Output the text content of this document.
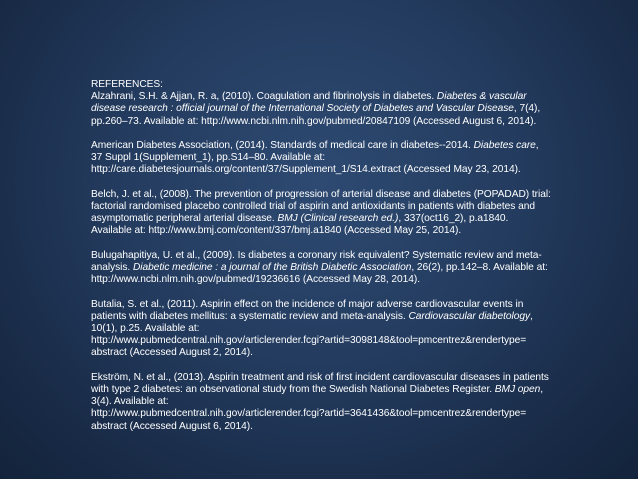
REFERENCES:

Alzahrani, S.H. & Ajjan, R. a, (2010). Coagulation and fibrinolysis in diabetes. Diabetes & vascular disease research : official journal of the International Society of Diabetes and Vascular Disease, 7(4), pp.260–73. Available at: http://www.ncbi.nlm.nih.gov/pubmed/20847109 (Accessed August 6, 2014).

American Diabetes Association, (2014). Standards of medical care in diabetes--2014. Diabetes care, 37 Suppl 1(Supplement_1), pp.S14–80. Available at: http://care.diabetesjournals.org/content/37/Supplement_1/S14.extract (Accessed May 23, 2014).

Belch, J. et al., (2008). The prevention of progression of arterial disease and diabetes (POPADAD) trial: factorial randomised placebo controlled trial of aspirin and antioxidants in patients with diabetes and asymptomatic peripheral arterial disease. BMJ (Clinical research ed.), 337(oct16_2), p.a1840. Available at: http://www.bmj.com/content/337/bmj.a1840 (Accessed May 25, 2014).

Bulugahapitiya, U. et al., (2009). Is diabetes a coronary risk equivalent? Systematic review and meta-analysis. Diabetic medicine : a journal of the British Diabetic Association, 26(2), pp.142–8. Available at: http://www.ncbi.nlm.nih.gov/pubmed/19236616 (Accessed May 28, 2014).

Butalia, S. et al., (2011). Aspirin effect on the incidence of major adverse cardiovascular events in patients with diabetes mellitus: a systematic review and meta-analysis. Cardiovascular diabetology, 10(1), p.25. Available at:
http://www.pubmedcentral.nih.gov/articlerender.fcgi?artid=3098148&tool=pmcentrez&rendertype=
abstract (Accessed August 2, 2014).

Ekström, N. et al., (2013). Aspirin treatment and risk of first incident cardiovascular diseases in patients with type 2 diabetes: an observational study from the Swedish National Diabetes Register. BMJ open, 3(4). Available at:
http://www.pubmedcentral.nih.gov/articlerender.fcgi?artid=3641436&tool=pmcentrez&rendertype=
abstract (Accessed August 6, 2014).
